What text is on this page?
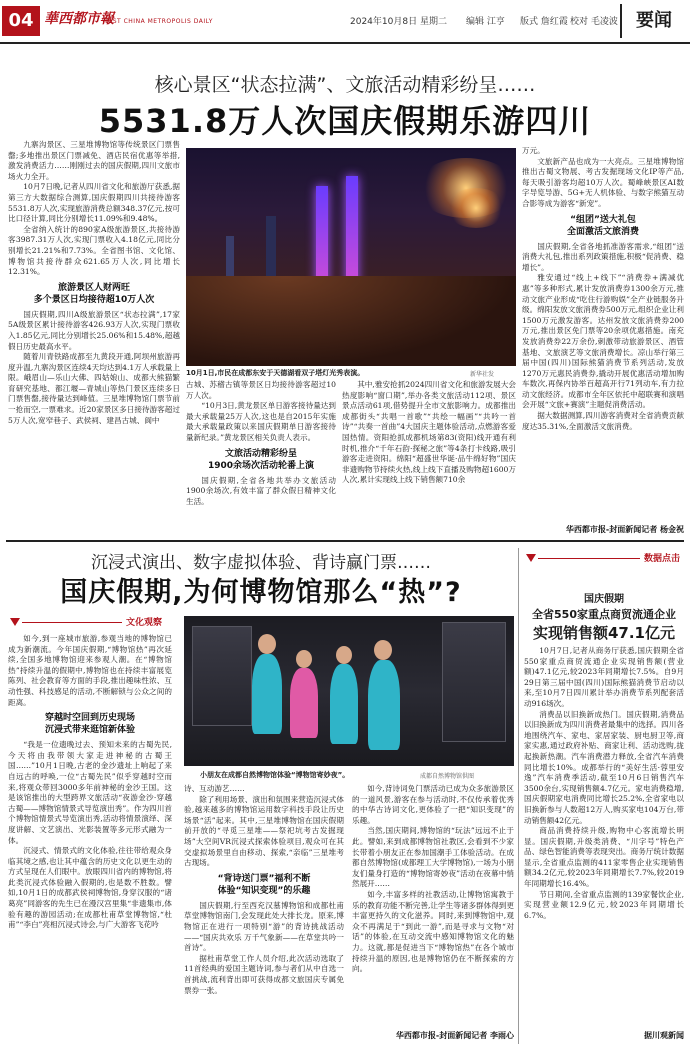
04 華西都市報
WEST CHINA METROPOLIS DAILY	2024年10月8日 星期二 编辑 江亨 版式 詹红霞 校对 毛凌波	要闻
核心景区“状态拉满”、文旅活动精彩纷呈……
5531.8万人次国庆假期乐游四川

九寨沟景区、三星堆博物馆等传统景区门票售罄;多地推出景区门票减免、酒店民宿优惠等举措,激发消费活力……刚刚过去的国庆假期,四川文旅市场火力全开。

10月7日晚,记者从四川省文化和旅游厅获悉,据第三方大数据综合测算,国庆假期四川共接待游客5531.8万人次,实现旅游消费总额348.37亿元,按可比口径计算,同比分别增长11.09%和9.48%。

全省纳入统计的890家A级旅游景区,共接待游客3987.31万人次,实现门票收入4.18亿元,同比分别增长21.21%和7.73%。全省图书馆、文化馆、博物馆共接待群众621.65万人次,同比增长12.31%。

旅游景区人财两旺
多个景区日均接待超10万人次

国庆假期,四川A级旅游景区“状态拉满”,17家5A级景区累计接待游客426.93万人次,实现门票收入1.85亿元,同比分别增长25.06%和15.48%,超越假日历史最高水平。

随着川青铁路成都至九黄段开通,阿坝州旅游再度升温,九寨沟景区连续4天均达到4.1万人承载量上限。峨眉山—乐山大佛、四姑娘山、成都大熊猫繁育研究基地、都江堰—青城山等热门景区连续多日门票售罄,接待量达到峰值。三星堆博物馆门票节前一抢而空,一票难求。近20家景区多日接待游客超过5万人次,宽窄巷子、武侯祠、建昌古城、阆中

10月1日,市民在成都东安于天德湖看双子塔灯光秀表演。	新华社发

古城、苏稽古镇等景区日均接待游客超过10万人次。

“10月3日,黄龙景区单日游客接待量达到最大承载量25万人次,这也是自2015年实施最大承载量政策以来国庆假期单日游客接待量新纪录。”黄龙景区相关负责人表示。

文旅活动精彩纷呈
1900余场次活动轮番上演

国庆假期,全省各地共举办文旅活动1900余场次,有效丰富了群众假日精神文化生活。

其中,雅安抢抓2024四川省文化和旅游发展大会热度影响“窗口期”,举办各类文旅活动112项、景区景点活动61项,借势提升全市文旅影响力。成都推出成都街头“共唱一首歌”“共绘一幅画”“共吟一首诗”“共奏一首曲”4大国庆主题体验活动,点燃游客爱国热情。资阳抢抓成都机场第83(资阳)线开通有利时机,推介“千年石韵·探秘之旅”等4条打卡线路,吸引游客走进资阳。绵阳“超盛世华诞·品牛绵好物”国庆非遗购物节持续火热,线上线下直播及购物超1600万人次,累计实现线上线下销售额710余

万元。

文旅新产品也成为一大亮点。三星堆博物馆推出古蜀文物展、考古发掘现场文化IP等产品,每天吸引游客均超10万人次。蜀峰峡景区AI数字导览导游、5G+无人机体验、与数字熊猫互动合影等成为游客“新宠”。

“组团”送大礼包
全面激活文旅消费

国庆假期,全省各地抓准游客需求,“组团”送消费大礼包,推出系列政策措施,积极“促消费、稳增长”。

雅安通过“线上+线下”“消费券+满减优惠”等多种形式,累计发放消费券1300余万元,推动文旅产业形成“吃住行游购娱”全产业链服务升级。绵阳发放文旅消费券500万元,组织企业让利1500万元激发游客。达州发放文旅消费券200万元,推出景区免门票等20余项优惠措施。南充发放消费券22万余份,刺激带动旅游景区、酒管基地、文旅演艺等文旅消费增长。凉山举行第三届中国(四川)国际熊猫消费节系列活动,发放1270万元惠民消费券,撬动开展优惠活动增加购车数次,再保内协举百超高开行71列动车,有力拉动文旅经济。成都市全年区依托中超联赛和演唱会开展“文旅+赛演”主题促消费活动。

据大数据测算,四川游客消费对全省消费贡献度达35.31%,全面激活文旅消费。

华西都市报-封面新闻记者 杨金祝
沉浸式演出、数字虚拟体验、背诗赢门票……
国庆假期,为何博物馆那么“热”?
文化观察

如今,到一座城市旅游,参观当地的博物馆已成为新潮流。今年国庆假期,“博物馆热”再次延续,全国多地博物馆迎来参观人潮。在“博物馆热”持续升温的假期中,博物馆也在持续丰富展览陈列、社会教育等方面的手段,推出趣味性浓、互动性强、科技感足的活动,不断解锁与公众之间的距离。

穿越时空回到历史现场
沉浸式带来逛馆新体验

“我是一位遗晚过去、预知未来的古蜀先民,今天将由我带领大家走进神秘的古蜀王国……”10月1日晚,古老的金沙遗址上响起了来自远古的呼唤,一位“古蜀先民”似乎穿越时空而来,将观众带回3000多年前神秘的金沙王国。这是该馆推出的大型跨界文旅活动“夜游金沙·穿越古蜀——博物馆情景式导览演出秀”。作为四川首个博物馆情景式导览演出秀,活动将情景演绎、深度讲解、文艺演出、光影装置等多元形式融为一体。

沉浸式、情景式的文化体验,往往带给观众身临其境之感,也让其中蕴含的历史文化以更生动的方式呈现在人们眼中。放眼四川省内的博物馆,将此类沉浸式体验融入假期的,也是数不胜数。譬如,10月1日的成都武侯祠博物馆,身穿汉服的“诸葛亮”同游客的先生已在漫汉宫里集“非遗集市,体验有趣的游园活动;在成都杜甫草堂博物馆,“杜甫”“李白”亮相沉浸式诗会,与广大游客飞花吟

小朋友在成都自然博物馆体验“博物馆寄妙夜”。	成都自然博物馆供图

诗、互动游艺……

除了利用场景、演出和氛围来营造沉浸式体验,越来越多的博物馆运用数字科技手段让历史场景“活”起来。其中,三星堆博物馆在国庆假期前开放的“寻觅三星堆——祭祀坑考古发掘现场”大空间VR沉浸式探索体验项目,观众可在其交虚拟场景里自由移动、探索,“亲临”三星堆考古现场。

“背诗送门票”福利不断
体验“知识变现”的乐趣

国庆假期,行至西充汉墓博物馆和成都杜甫草堂博物馆南门,会发现此处大排长龙。原来,博物馆正在进行一项特别“游”的背诗挑战活动——“国庆共欢乐 万千气象新——在草堂共吟一首诗”。

据杜甫草堂工作人员介绍,此次活动选取了11首经典的爱国主题诗词,参与者们从中自选一首挑战,流利背出即可获得成都文旅国庆专属免票券一张。

如今,背诗词免门票活动已成为众多旅游景区的一道风景,游客在参与活动时,不仅传承着优秀的中华古诗词文化,更体验了一把“知识变现”的乐趣。

当然,国庆期间,博物馆的“玩法”远远不止于此。譬如,来到成都博物馆社教区,会看到不少家长带着小朋友正在参加国潮手工体验活动。在成都自然博物馆(成都理工大学博物馆),一场为小朋友们量身打造的“博物馆寄妙夜”活动在夜幕中悄然展开……

如今,丰富多样的社教活动,让博物馆寓教于乐的教育功能不断完善,让学生等诸多群体得到更丰富更持久的文化滋养。同时,来到博物馆中,观众不再满足于“到此一游”,而是寻求与文物“对话”的体验,在互动交流中感知博物馆文化的魅力。这就,都是促进当下“博物馆热”在各个城市持续升温的原因,也是博物馆仍在不断探索的方向。

华西都市报-封面新闻记者 李雨心
数据点击
国庆假期
全省550家重点商贸流通企业
实现销售额47.1亿元

10月7日,记者从商务厅获悉,国庆假期全省550家重点商贸流通企业实现销售额(营业额)47.1亿元,较2023年同期增长7.5%。自9月29日第三届中国(四川)国际熊猫消费节启动以来,至10月7日四川累计举办消费节系列配套活动916场次。

消费品以旧换新成热门。国庆假期,消费品以旧换新成为四川消费者最集中的选择。四川各地围绕汽车、家电、家居家装、厨电厨卫等,商家实惠,通过政府补贴、商家让利、活动选购,拢起换新热潮。汽车消费潜力释放,全省汽车消费同比增长10%。成都举行的“美好生活·蓉里安逸”汽车消费季活动,截至10月6日销售汽车3500余台,实现销售额4.7亿元。家电消费稳增,国庆假期家电消费同比增长25.2%,全省家电以旧换新参与人数超12万人,购买家电104万台,带动销售额42亿元。

商品消费持续升级,购物中心客流增长明显。国庆假期,升级类消费、“川字号”特色产品、绿色智能消费等表现突出。商务厅统计数据显示,全省重点监测的411家零售企业实现销售额34.2亿元,较2023年同期增长7.7%,较2019年同期增长16.4%。

节日期间,全省重点监测的139家餐饮企业,实现营业额12.9亿元,较2023年同期增长6.7%。

据川观新闻
